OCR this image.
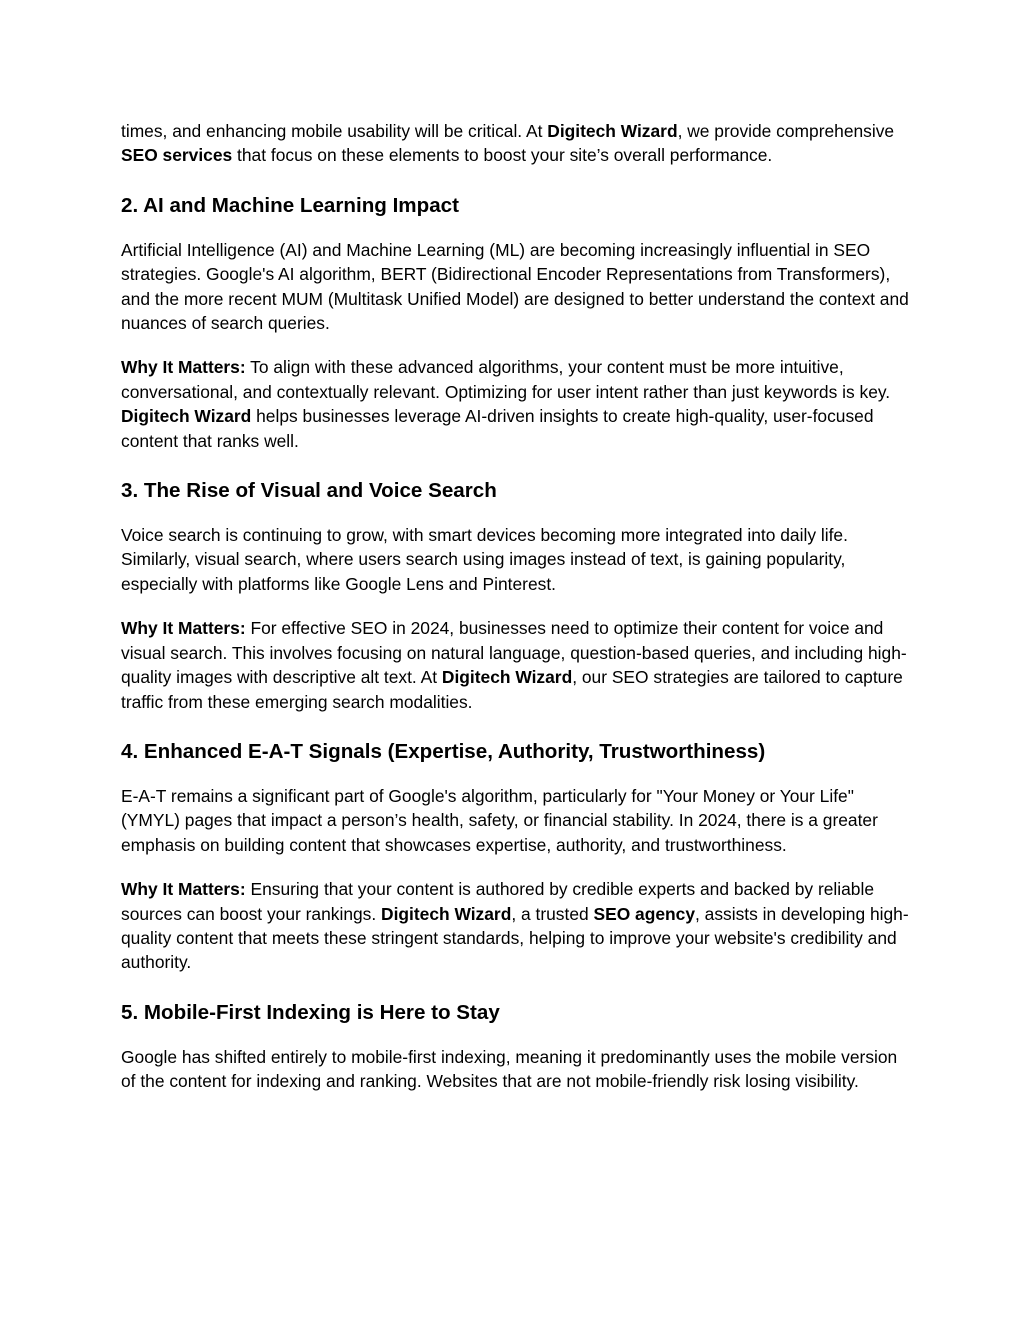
times, and enhancing mobile usability will be critical. At Digitech Wizard, we provide comprehensive SEO services that focus on these elements to boost your site’s overall performance.

2. AI and Machine Learning Impact

Artificial Intelligence (AI) and Machine Learning (ML) are becoming increasingly influential in SEO strategies. Google's AI algorithm, BERT (Bidirectional Encoder Representations from Transformers), and the more recent MUM (Multitask Unified Model) are designed to better understand the context and nuances of search queries.

Why It Matters: To align with these advanced algorithms, your content must be more intuitive, conversational, and contextually relevant. Optimizing for user intent rather than just keywords is key. Digitech Wizard helps businesses leverage AI-driven insights to create high-quality, user-focused content that ranks well.

3. The Rise of Visual and Voice Search

Voice search is continuing to grow, with smart devices becoming more integrated into daily life. Similarly, visual search, where users search using images instead of text, is gaining popularity, especially with platforms like Google Lens and Pinterest.

Why It Matters: For effective SEO in 2024, businesses need to optimize their content for voice and visual search. This involves focusing on natural language, question-based queries, and including high-quality images with descriptive alt text. At Digitech Wizard, our SEO strategies are tailored to capture traffic from these emerging search modalities.

4. Enhanced E-A-T Signals (Expertise, Authority, Trustworthiness)

E-A-T remains a significant part of Google's algorithm, particularly for "Your Money or Your Life" (YMYL) pages that impact a person’s health, safety, or financial stability. In 2024, there is a greater emphasis on building content that showcases expertise, authority, and trustworthiness.

Why It Matters: Ensuring that your content is authored by credible experts and backed by reliable sources can boost your rankings. Digitech Wizard, a trusted SEO agency, assists in developing high-quality content that meets these stringent standards, helping to improve your website's credibility and authority.

5. Mobile-First Indexing is Here to Stay

Google has shifted entirely to mobile-first indexing, meaning it predominantly uses the mobile version of the content for indexing and ranking. Websites that are not mobile-friendly risk losing visibility.
